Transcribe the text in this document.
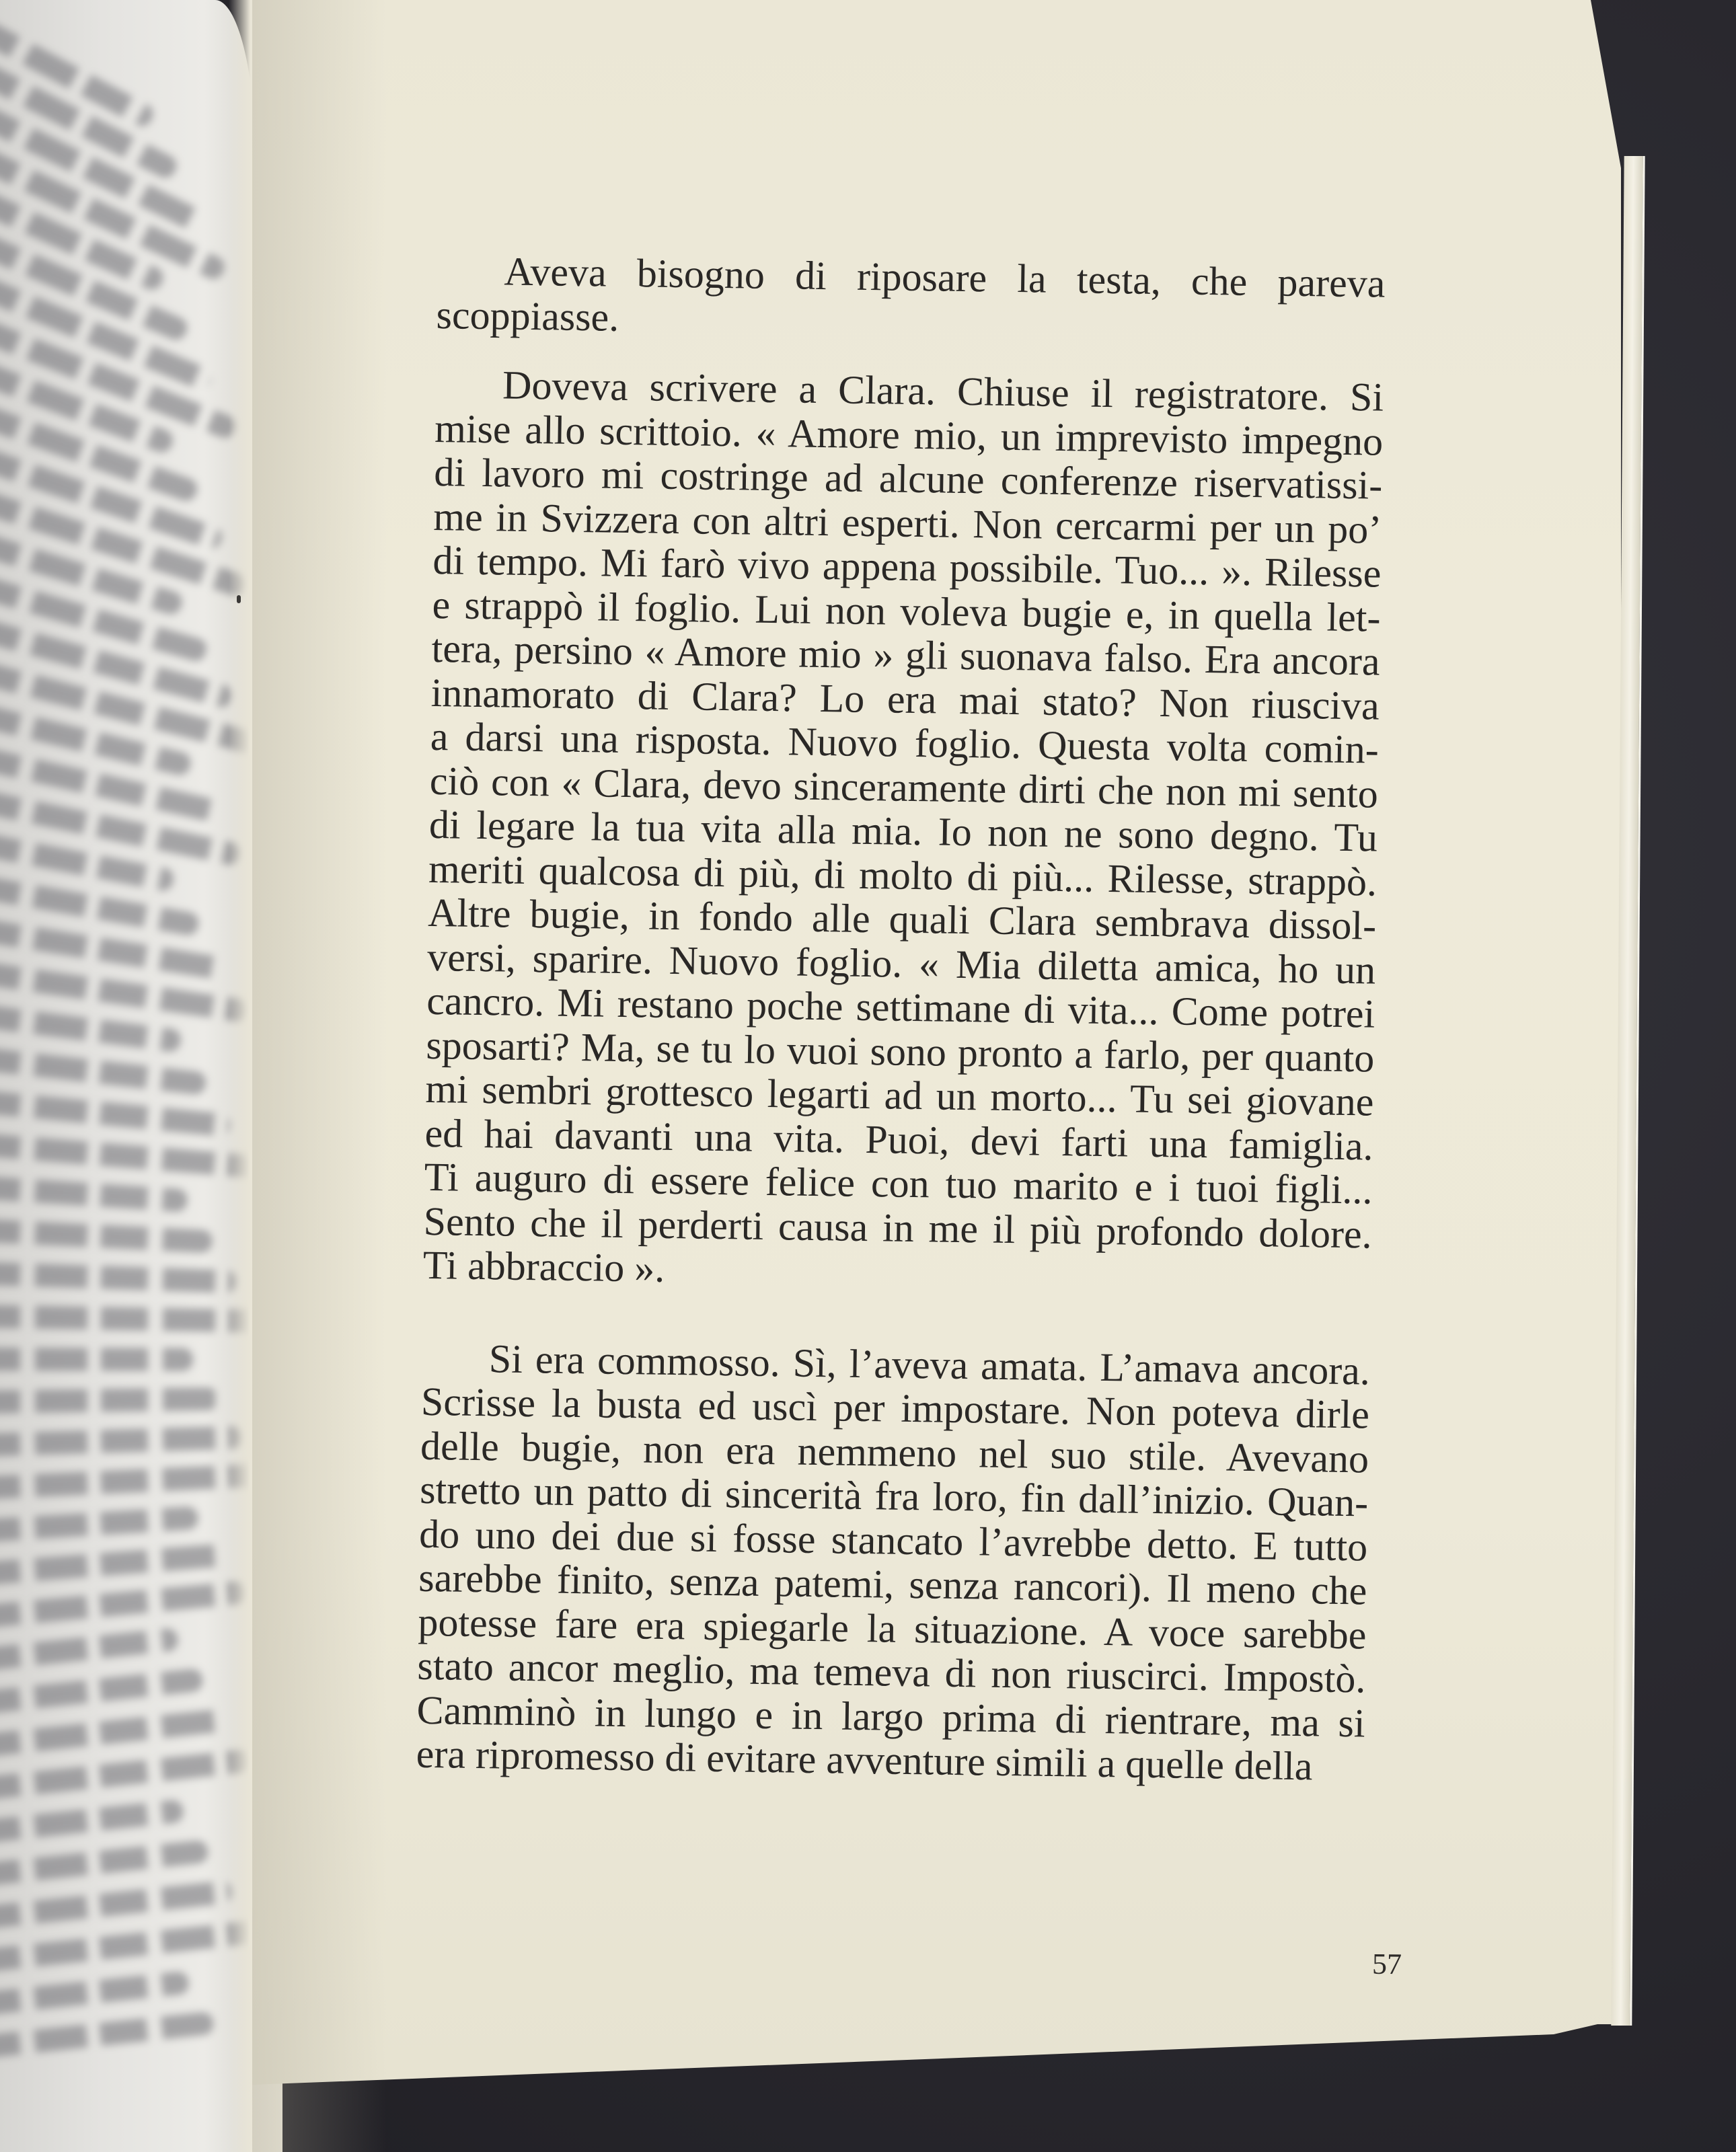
Aveva bisogno di riposare la testa, che pareva
scoppiasse.
Doveva scrivere a Clara. Chiuse il registratore. Si
mise allo scrittoio. « Amore mio, un imprevisto impegno
di lavoro mi costringe ad alcune conferenze riservatissi-
me in Svizzera con altri esperti. Non cercarmi per un po’
di tempo. Mi farò vivo appena possibile. Tuo... ». Rilesse
e strappò il foglio. Lui non voleva bugie e, in quella let-
tera, persino « Amore mio » gli suonava falso. Era ancora
innamorato di Clara? Lo era mai stato? Non riusciva
a darsi una risposta. Nuovo foglio. Questa volta comin-
ciò con « Clara, devo sinceramente dirti che non mi sento
di legare la tua vita alla mia. Io non ne sono degno. Tu
meriti qualcosa di più, di molto di più... Rilesse, strappò.
Altre bugie, in fondo alle quali Clara sembrava dissol-
versi, sparire. Nuovo foglio. « Mia diletta amica, ho un
cancro. Mi restano poche settimane di vita... Come potrei
sposarti? Ma, se tu lo vuoi sono pronto a farlo, per quanto
mi sembri grottesco legarti ad un morto... Tu sei giovane
ed hai davanti una vita. Puoi, devi farti una famiglia.
Ti auguro di essere felice con tuo marito e i tuoi figli...
Sento che il perderti causa in me il più profondo dolore.
Ti abbraccio ».
Si era commosso. Sì, l’aveva amata. L’amava ancora.
Scrisse la busta ed uscì per impostare. Non poteva dirle
delle bugie, non era nemmeno nel suo stile. Avevano
stretto un patto di sincerità fra loro, fin dall’inizio. Quan-
do uno dei due si fosse stancato l’avrebbe detto. E tutto
sarebbe finito, senza patemi, senza rancori). Il meno che
potesse fare era spiegarle la situazione. A voce sarebbe
stato ancor meglio, ma temeva di non riuscirci. Impostò.
Camminò in lungo e in largo prima di rientrare, ma si
era ripromesso di evitare avventure simili a quelle della
57
